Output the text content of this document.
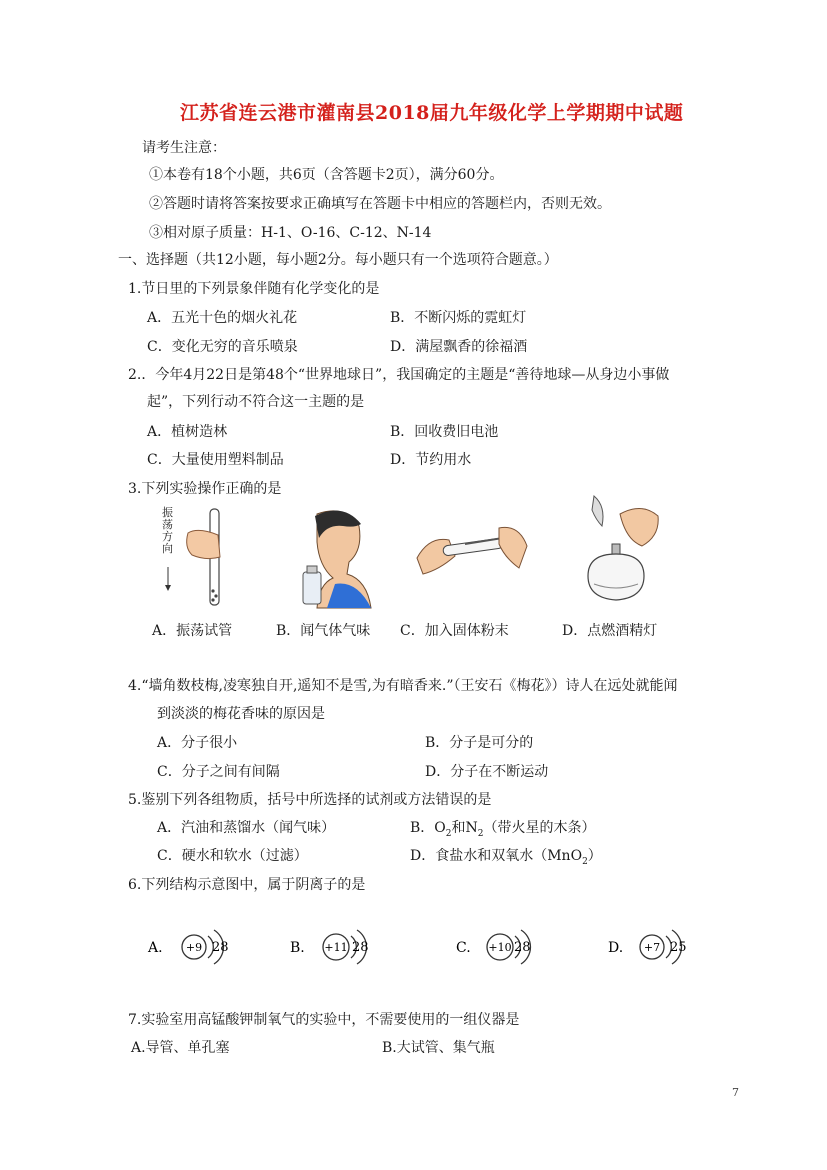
江苏省连云港市灌南县2018届九年级化学上学期期中试题
请考生注意：
①本卷有18个小题，共6页（含答题卡2页），满分60分。
②答题时请将答案按要求正确填写在答题卡中相应的答题栏内，否则无效。
③相对原子质量：H-1、O-16、C-12、N-14
一、选择题（共12小题，每小题2分。每小题只有一个选项符合题意。）
1.节日里的下列景象伴随有化学变化的是
A．五光十色的烟火礼花	B．不断闪烁的霓虹灯
C．变化无穷的音乐喷泉	D．满屋飘香的徐福酒
2.．今年4月22日是第48个“世界地球日”，我国确定的主题是“善待地球—从身边小事做
起”，下列行动不符合这一主题的是
A．植树造林	B．回收费旧电池
C．大量使用塑料制品	D．节约用水
3.下列实验操作正确的是
振荡方向
A．振荡试管	B．闻气体气味 C．加入固体粉末	D．点燃酒精灯
4.“墙角数枝梅,凌寒独自开,遥知不是雪,为有暗香来.”（王安石《梅花》）诗人在远处就能闻
到淡淡的梅花香味的原因是
A．分子很小	B．分子是可分的
C．分子之间有间隔	D．分子在不断运动
5.鉴别下列各组物质，括号中所选择的试剂或方法错误的是
A．汽油和蒸馏水（闻气味）	B．$O_2$和$N_2$（带火星的木条）
C．硬水和软水（过滤）	D．食盐水和双氧水（MnO$_2$）
6.下列结构示意图中，属于阴离子的是
A. +9 28	B. +11 28	C. +10 28	D. +7 25
7.实验室用高锰酸钾制氧气的实验中，不需要使用的一组仪器是
A.导管、单孔塞	B.大试管、集气瓶
7
